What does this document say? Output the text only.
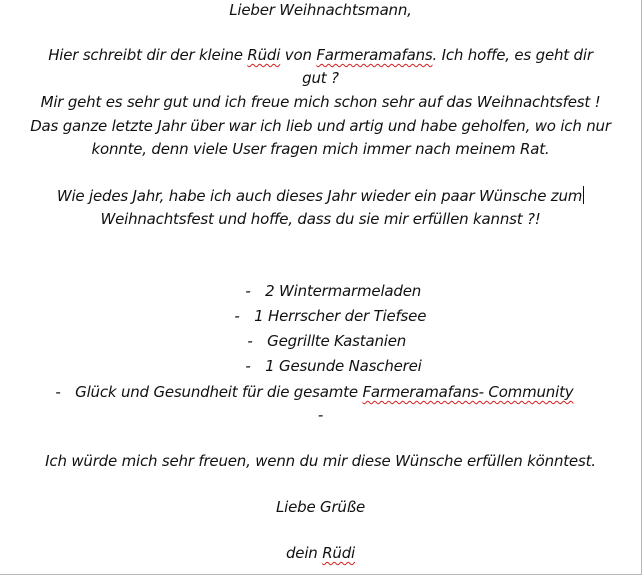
Lieber Weihnachtsmann,
Hier schreibt dir der kleine Rüdi von Farmeramafans. Ich hoffe, es geht dir
gut ?
Mir geht es sehr gut und ich freue mich schon sehr auf das Weihnachtsfest !
Das ganze letzte Jahr über war ich lieb und artig und habe geholfen, wo ich nur
konnte, denn viele User fragen mich immer nach meinem Rat.
Wie jedes Jahr, habe ich auch dieses Jahr wieder ein paar Wünsche zum
Weihnachtsfest und hoffe, dass du sie mir erfüllen kannst ?!
- 2 Wintermarmeladen
- 1 Herrscher der Tiefsee
- Gegrillte Kastanien
- 1 Gesunde Nascherei
- Glück und Gesundheit für die gesamte Farmeramafans- Community
-
Ich würde mich sehr freuen, wenn du mir diese Wünsche erfüllen könntest.
Liebe Grüße
dein Rüdi
